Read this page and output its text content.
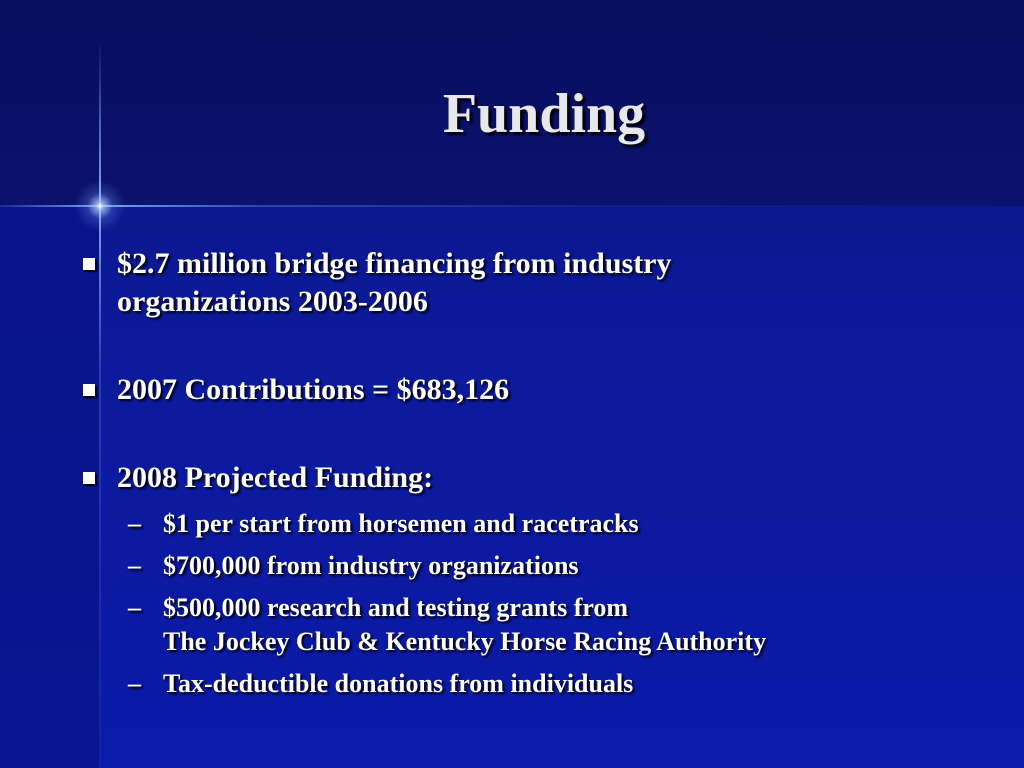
Funding
$2.7 million bridge financing from industry
organizations 2003-2006
2007 Contributions = $683,126
2008 Projected Funding:
– $1 per start from horsemen and racetracks
– $700,000 from industry organizations
– $500,000 research and testing grants from
The Jockey Club & Kentucky Horse Racing Authority
– Tax-deductible donations from individuals
